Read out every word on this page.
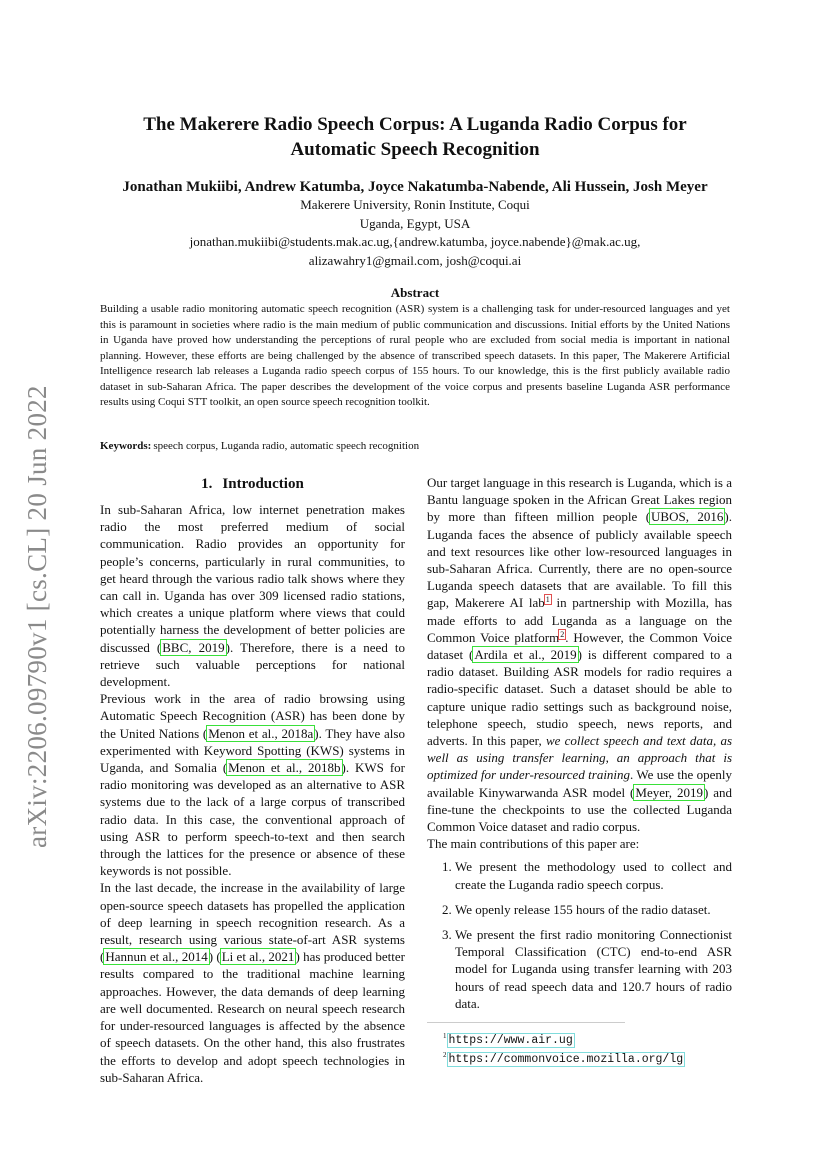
arXiv:2206.09790v1 [cs.CL] 20 Jun 2022
The Makerere Radio Speech Corpus: A Luganda Radio Corpus for Automatic Speech Recognition
Jonathan Mukiibi, Andrew Katumba, Joyce Nakatumba-Nabende, Ali Hussein, Josh Meyer
Makerere University, Ronin Institute, Coqui
Uganda, Egypt, USA
jonathan.mukiibi@students.mak.ac.ug,{andrew.katumba, joyce.nabende}@mak.ac.ug,
alizawahry1@gmail.com, josh@coqui.ai
Abstract

Building a usable radio monitoring automatic speech recognition (ASR) system is a challenging task for under-resourced languages and yet this is paramount in societies where radio is the main medium of public communication and discussions. Initial efforts by the United Nations in Uganda have proved how understanding the perceptions of rural people who are excluded from social media is important in national planning. However, these efforts are being challenged by the absence of transcribed speech datasets. In this paper, The Makerere Artificial Intelligence research lab releases a Luganda radio speech corpus of 155 hours. To our knowledge, this is the first publicly available radio dataset in sub-Saharan Africa. The paper describes the development of the voice corpus and presents baseline Luganda ASR performance results using Coqui STT toolkit, an open source speech recognition toolkit.

Keywords: speech corpus, Luganda radio, automatic speech recognition
1. Introduction

In sub-Saharan Africa, low internet penetration makes radio the most preferred medium of social communication. Radio provides an opportunity for people’s concerns, particularly in rural communities, to get heard through the various radio talk shows where they can call in. Uganda has over 309 licensed radio stations, which creates a unique platform where views that could potentially harness the development of better policies are discussed (BBC, 2019). Therefore, there is a need to retrieve such valuable perceptions for national development.

Previous work in the area of radio browsing using Automatic Speech Recognition (ASR) has been done by the United Nations (Menon et al., 2018a). They have also experimented with Keyword Spotting (KWS) systems in Uganda, and Somalia (Menon et al., 2018b). KWS for radio monitoring was developed as an alternative to ASR systems due to the lack of a large corpus of transcribed radio data. In this case, the conventional approach of using ASR to perform speech-to-text and then search through the lattices for the presence or absence of these keywords is not possible.

In the last decade, the increase in the availability of large open-source speech datasets has propelled the application of deep learning in speech recognition research. As a result, research using various state-of-art ASR systems (Hannun et al., 2014) (Li et al., 2021) has produced better results compared to the traditional machine learning approaches. However, the data demands of deep learning are well documented. Research on neural speech research for under-resourced languages is affected by the absence of speech datasets. On the other hand, this also frustrates the efforts to develop and adopt speech technologies in sub-Saharan Africa.

Our target language in this research is Luganda, which is a Bantu language spoken in the African Great Lakes region by more than fifteen million people (UBOS, 2016). Luganda faces the absence of publicly available speech and text resources like other low-resourced languages in sub-Saharan Africa. Currently, there are no open-source Luganda speech datasets that are available. To fill this gap, Makerere AI lab$^1$ in partnership with Mozilla, has made efforts to add Luganda as a language on the Common Voice platform$^2$. However, the Common Voice dataset (Ardila et al., 2019) is different compared to a radio dataset. Building ASR models for radio requires a radio-specific dataset. Such a dataset should be able to capture unique radio settings such as background noise, telephone speech, studio speech, news reports, and adverts. In this paper, we collect speech and text data, as well as using transfer learning, an approach that is optimized for under-resourced training. We use the openly available Kinywarwanda ASR model (Meyer, 2019) and fine-tune the checkpoints to use the collected Luganda Common Voice dataset and radio corpus.

The main contributions of this paper are:

1. We present the methodology used to collect and create the Luganda radio speech corpus.
2. We openly release 155 hours of the radio dataset.
3. We present the first radio monitoring Connectionist Temporal Classification (CTC) end-to-end ASR model for Luganda using transfer learning with 203 hours of read speech data and 120.7 hours of radio data.
$^1$ https://www.air.ug
$^2$ https://commonvoice.mozilla.org/lg
